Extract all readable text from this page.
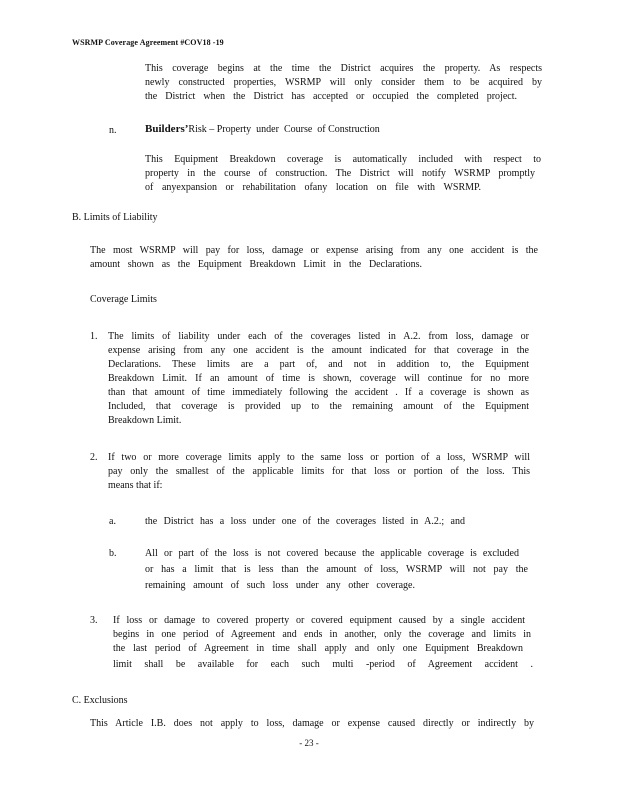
WSRMP Coverage Agreement #COV18 -19
This coverage begins at the time the District acquires the property. As respects
newly constructed properties, WSRMP will only consider them to be acquired by
the District when the District has accepted or occupied the completed project.
n.	Builders’Risk – Property  under  Course  of Construction
This Equipment Breakdown coverage is automatically included with respect to
property in the course of construction. The District will notify WSRMP promptly
of anyexpansion or rehabilitation ofany location on file with WSRMP.
B. Limits of Liability
The most WSRMP will pay for loss, damage or expense arising from any one accident is the
amount shown as the Equipment Breakdown Limit in the Declarations.
Coverage Limits
1. The limits of liability under each of the coverages listed in A.2. from loss, damage or
expense arising from any one accident is the amount indicated for that coverage in the
Declarations. These limits are a part of, and not in addition to, the Equipment
Breakdown Limit. If an amount of time is shown, coverage will continue for no more
than that amount of time immediately following the accident . If a coverage is shown as
Included, that coverage is provided up to the remaining amount of the Equipment
Breakdown Limit.
2. If two or more coverage limits apply to the same loss or portion of a loss, WSRMP will
pay only the smallest of the applicable limits for that loss or portion of the loss. This
means that if:
a.	the District has a loss under one of the coverages listed in A.2.; and
b.	All or part of the loss is not covered because the applicable coverage is excluded
or has a limit that is less than the amount of loss, WSRMP will not pay the
remaining amount of such loss under any other coverage.
3. If loss or damage to covered property or covered equipment caused by a single accident
begins in one period of Agreement and ends in another, only the coverage and limits in
the last period of Agreement in time shall apply and only one Equipment Breakdown
limit shall be available for each such multi -period of Agreement accident .
C. Exclusions
This Article I.B. does not apply to loss, damage or expense caused directly or indirectly by
- 23 -
